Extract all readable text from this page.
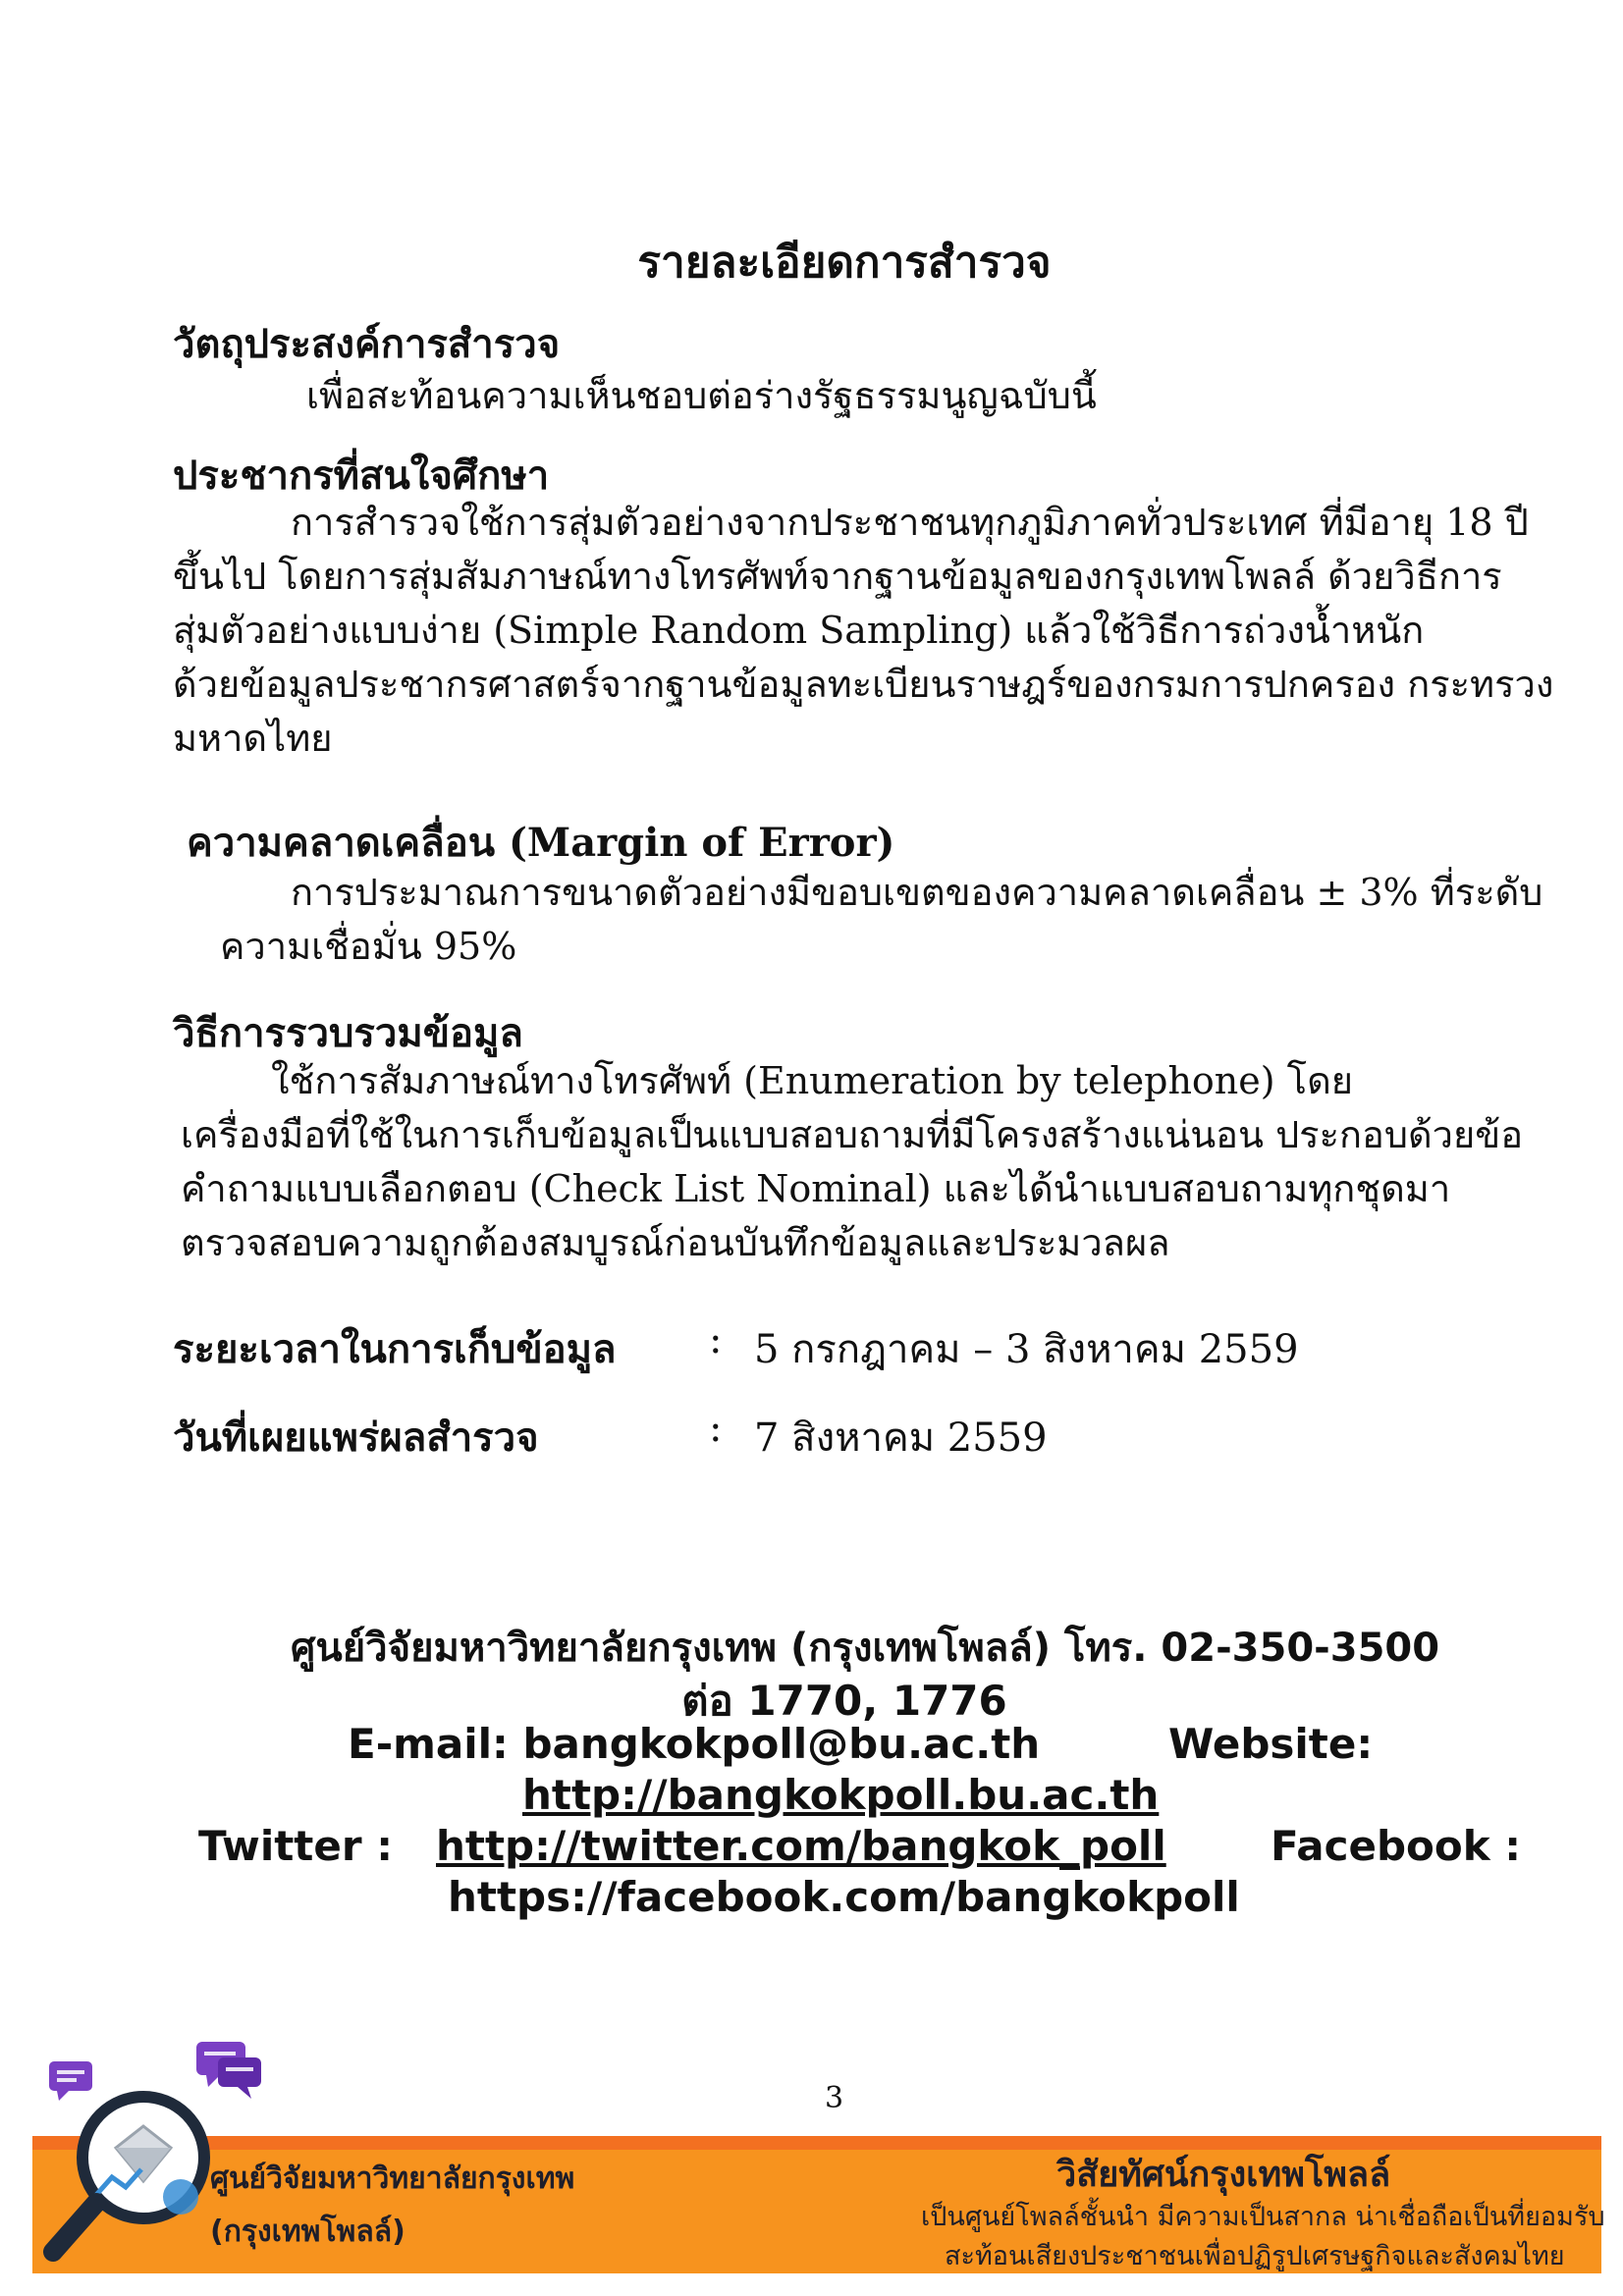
รายละเอียดการสำรวจ
วัตถุประสงค์การสำรวจ
เพื่อสะท้อนความเห็นชอบต่อร่างรัฐธรรมนูญฉบับนี้
ประชากรที่สนใจศึกษา
การสำรวจใช้การสุ่มตัวอย่างจากประชาชนทุกภูมิภาคทั่วประเทศ ที่มีอายุ 18 ปี
ขึ้นไป โดยการสุ่มสัมภาษณ์ทางโทรศัพท์จากฐานข้อมูลของกรุงเทพโพลล์ ด้วยวิธีการ
สุ่มตัวอย่างแบบง่าย (Simple Random Sampling) แล้วใช้วิธีการถ่วงน้ำหนัก
ด้วยข้อมูลประชากรศาสตร์จากฐานข้อมูลทะเบียนราษฎร์ของกรมการปกครอง กระทรวง
มหาดไทย
ความคลาดเคลื่อน (Margin of Error)
การประมาณการขนาดตัวอย่างมีขอบเขตของความคลาดเคลื่อน ± 3% ที่ระดับ
ความเชื่อมั่น 95%
วิธีการรวบรวมข้อมูล
ใช้การสัมภาษณ์ทางโทรศัพท์ (Enumeration by telephone) โดย
เครื่องมือที่ใช้ในการเก็บข้อมูลเป็นแบบสอบถามที่มีโครงสร้างแน่นอน ประกอบด้วยข้อ
คำถามแบบเลือกตอบ (Check List Nominal) และได้นำแบบสอบถามทุกชุดมา
ตรวจสอบความถูกต้องสมบูรณ์ก่อนบันทึกข้อมูลและประมวลผล
ระยะเวลาในการเก็บข้อมูล : 5 กรกฎาคม – 3 สิงหาคม 2559
วันที่เผยแพร่ผลสำรวจ	: 7 สิงหาคม 2559
ศูนย์วิจัยมหาวิทยาลัยกรุงเทพ (กรุงเทพโพลล์) โทร. 02-350-3500
ต่อ 1770, 1776
E-mail: bangkokpoll@bu.ac.th	Website:
http://bangkokpoll.bu.ac.th
Twitter : http://twitter.com/bangkok_poll	Facebook :
https://facebook.com/bangkokpoll
3
ศูนย์วิจัยมหาวิทยาลัยกรุงเทพ
(กรุงเทพโพลล์)
วิสัยทัศน์กรุงเทพโพลล์
เป็นศูนย์โพลล์ชั้นนำ มีความเป็นสากล น่าเชื่อถือเป็นที่ยอมรับ
สะท้อนเสียงประชาชนเพื่อปฏิรูปเศรษฐกิจและสังคมไทย
